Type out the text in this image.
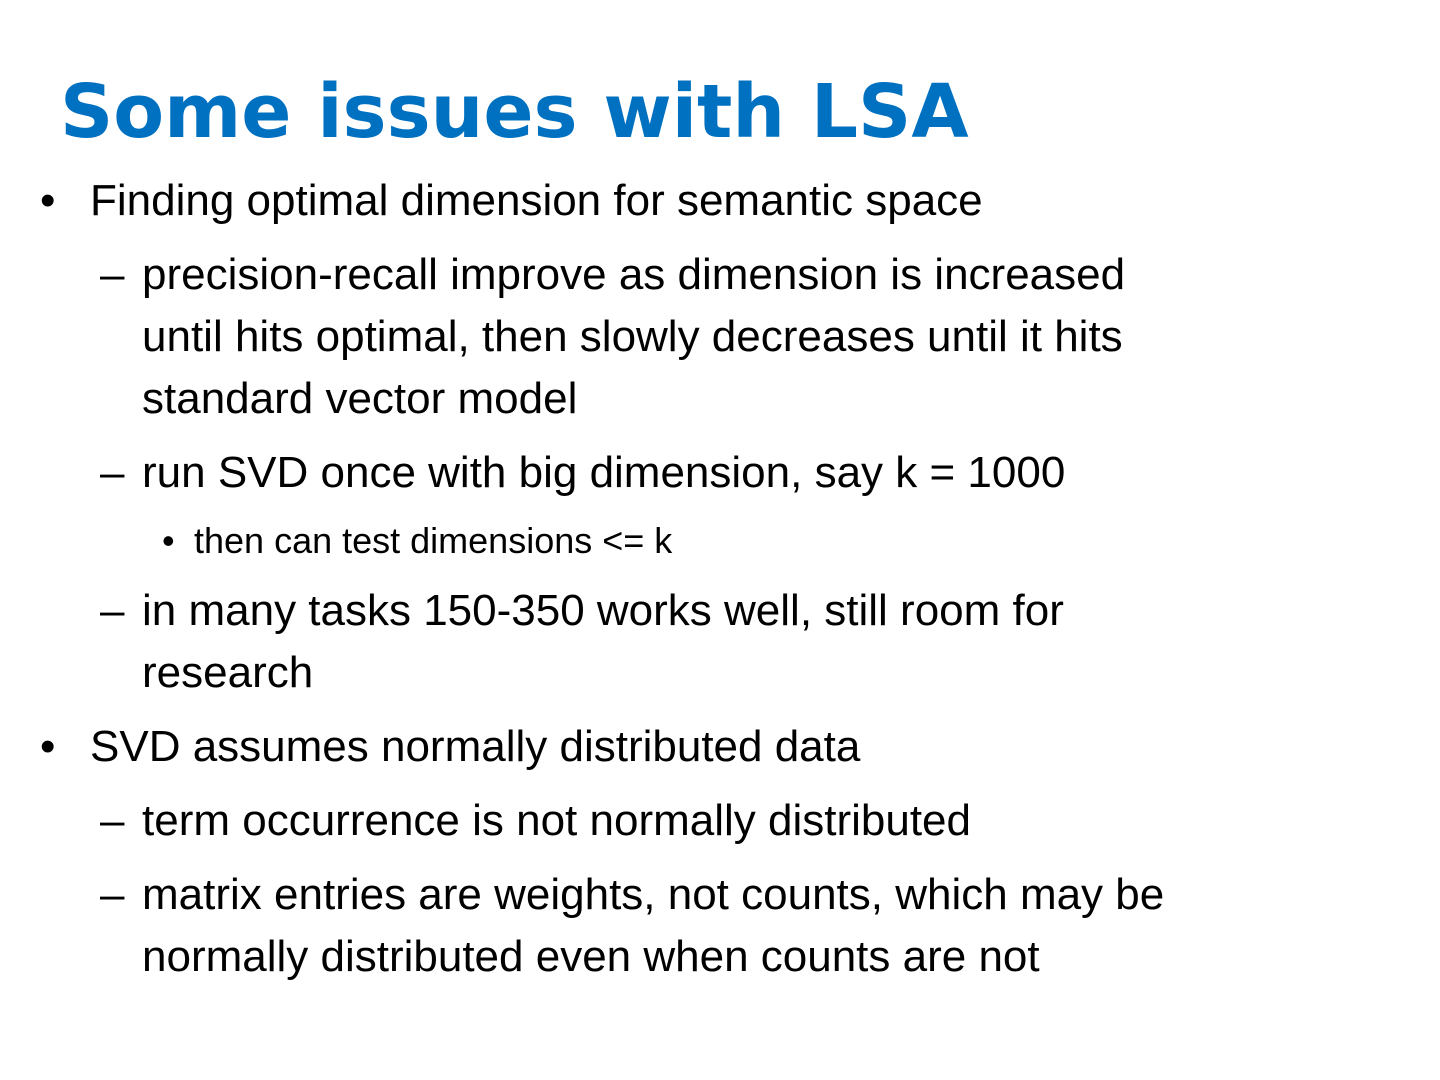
Some issues with LSA
• Finding optimal dimension for semantic space
– precision-recall improve as dimension is increased
until hits optimal, then slowly decreases until it hits
standard vector model
– run SVD once with big dimension, say k = 1000
• then can test dimensions <= k
– in many tasks 150-350 works well, still room for
research
• SVD assumes normally distributed data
– term occurrence is not normally distributed
– matrix entries are weights, not counts, which may be
normally distributed even when counts are not
